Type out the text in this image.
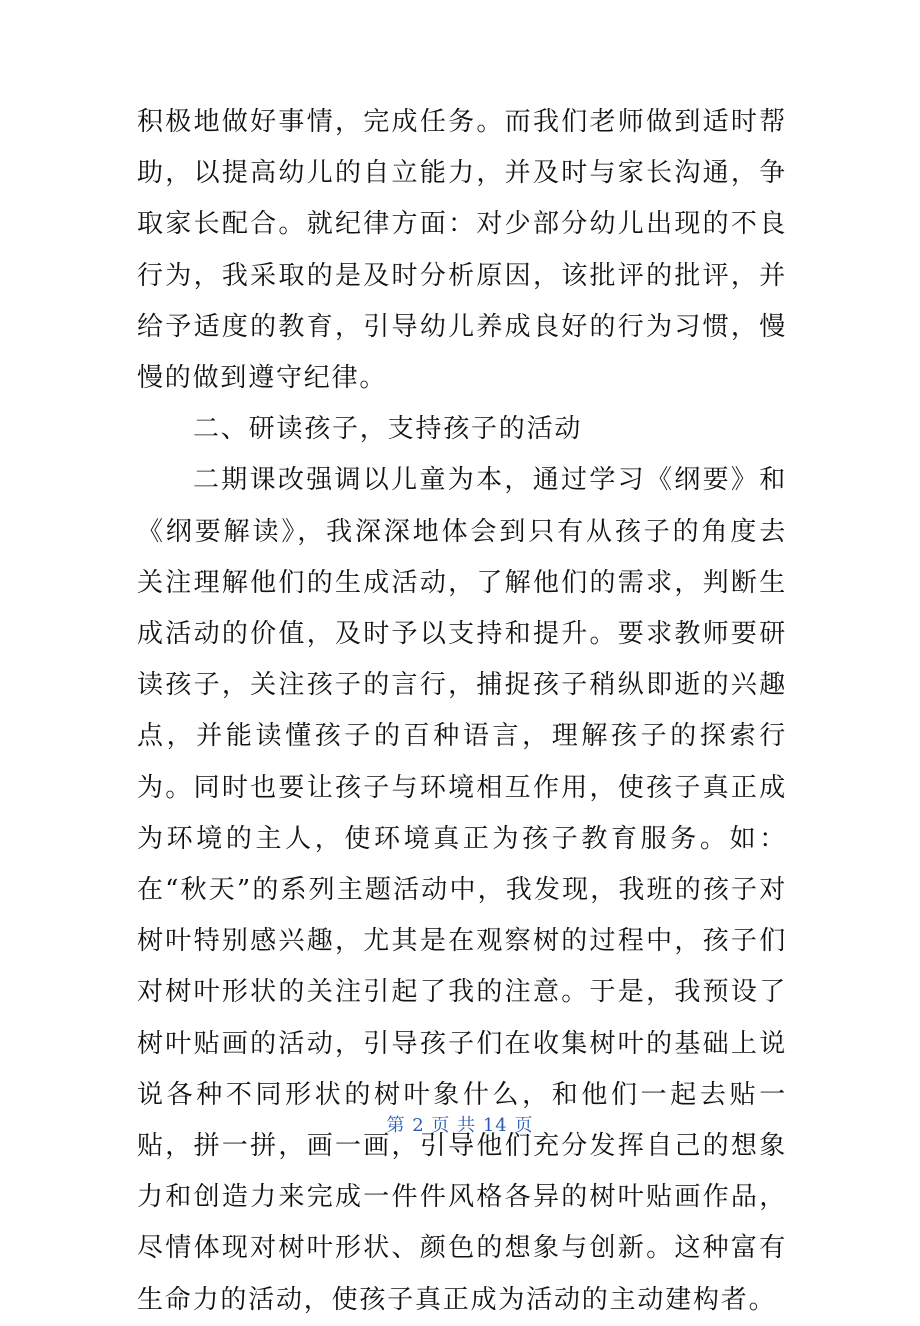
积极地做好事情，完成任务。而我们老师做到适时帮助，以提高幼儿的自立能力，并及时与家长沟通，争取家长配合。就纪律方面：对少部分幼儿出现的不良行为，我采取的是及时分析原因，该批评的批评，并给予适度的教育，引导幼儿养成良好的行为习惯，慢慢的做到遵守纪律。

二、研读孩子，支持孩子的活动

二期课改强调以儿童为本，通过学习《纲要》和《纲要解读》，我深深地体会到只有从孩子的角度去关注理解他们的生成活动，了解他们的需求，判断生成活动的价值，及时予以支持和提升。要求教师要研读孩子，关注孩子的言行，捕捉孩子稍纵即逝的兴趣点，并能读懂孩子的百种语言，理解孩子的探索行为。同时也要让孩子与环境相互作用，使孩子真正成为环境的主人，使环境真正为孩子教育服务。如：在“秋天”的系列主题活动中，我发现，我班的孩子对树叶特别感兴趣，尤其是在观察树的过程中，孩子们对树叶形状的关注引起了我的注意。于是，我预设了树叶贴画的活动，引导孩子们在收集树叶的基础上说说各种不同形状的树叶象什么，和他们一起去贴一贴，拼一拼，画一画，引导他们充分发挥自己的想象力和创造力来完成一件件风格各异的树叶贴画作品，尽情体现对树叶形状、颜色的想象与创新。这种富有生命力的活动，使孩子真正成为活动的主动建构者。

第 2 页 共 14 页
